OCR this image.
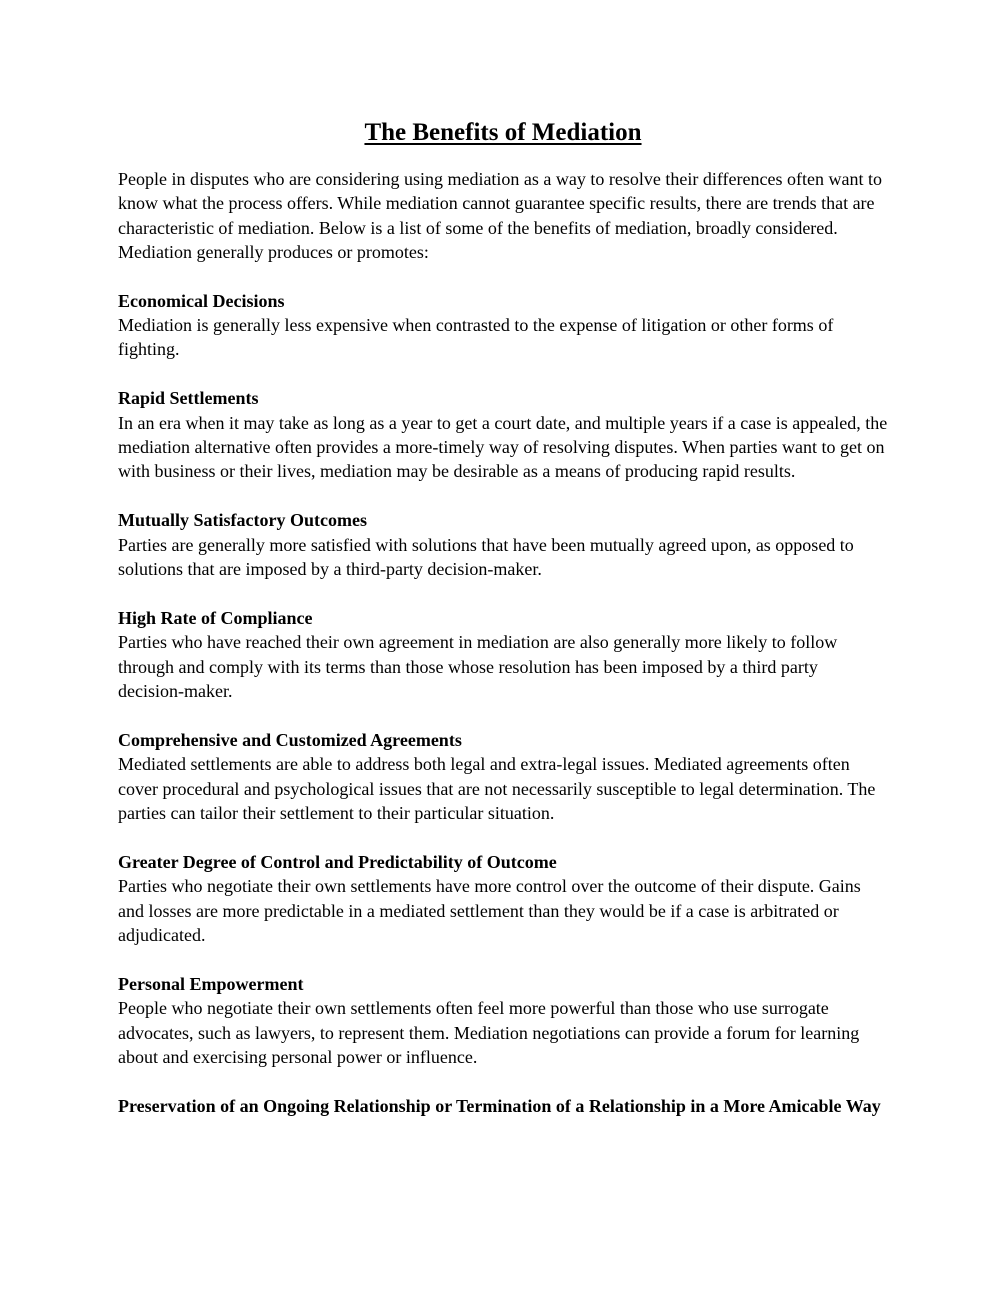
The Benefits of Mediation

People in disputes who are considering using mediation as a way to resolve their differences often want to know what the process offers. While mediation cannot guarantee specific results, there are trends that are characteristic of mediation. Below is a list of some of the benefits of mediation, broadly considered. Mediation generally produces or promotes:

Economical Decisions

Mediation is generally less expensive when contrasted to the expense of litigation or other forms of fighting.

Rapid Settlements

In an era when it may take as long as a year to get a court date, and multiple years if a case is appealed, the mediation alternative often provides a more-timely way of resolving disputes. When parties want to get on with business or their lives, mediation may be desirable as a means of producing rapid results.

Mutually Satisfactory Outcomes

Parties are generally more satisfied with solutions that have been mutually agreed upon, as opposed to solutions that are imposed by a third-party decision-maker.

High Rate of Compliance

Parties who have reached their own agreement in mediation are also generally more likely to follow through and comply with its terms than those whose resolution has been imposed by a third party decision-maker.

Comprehensive and Customized Agreements

Mediated settlements are able to address both legal and extra-legal issues. Mediated agreements often cover procedural and psychological issues that are not necessarily susceptible to legal determination. The parties can tailor their settlement to their particular situation.

Greater Degree of Control and Predictability of Outcome

Parties who negotiate their own settlements have more control over the outcome of their dispute. Gains and losses are more predictable in a mediated settlement than they would be if a case is arbitrated or adjudicated.

Personal Empowerment

People who negotiate their own settlements often feel more powerful than those who use surrogate advocates, such as lawyers, to represent them. Mediation negotiations can provide a forum for learning about and exercising personal power or influence.

Preservation of an Ongoing Relationship or Termination of a Relationship in a More Amicable Way
